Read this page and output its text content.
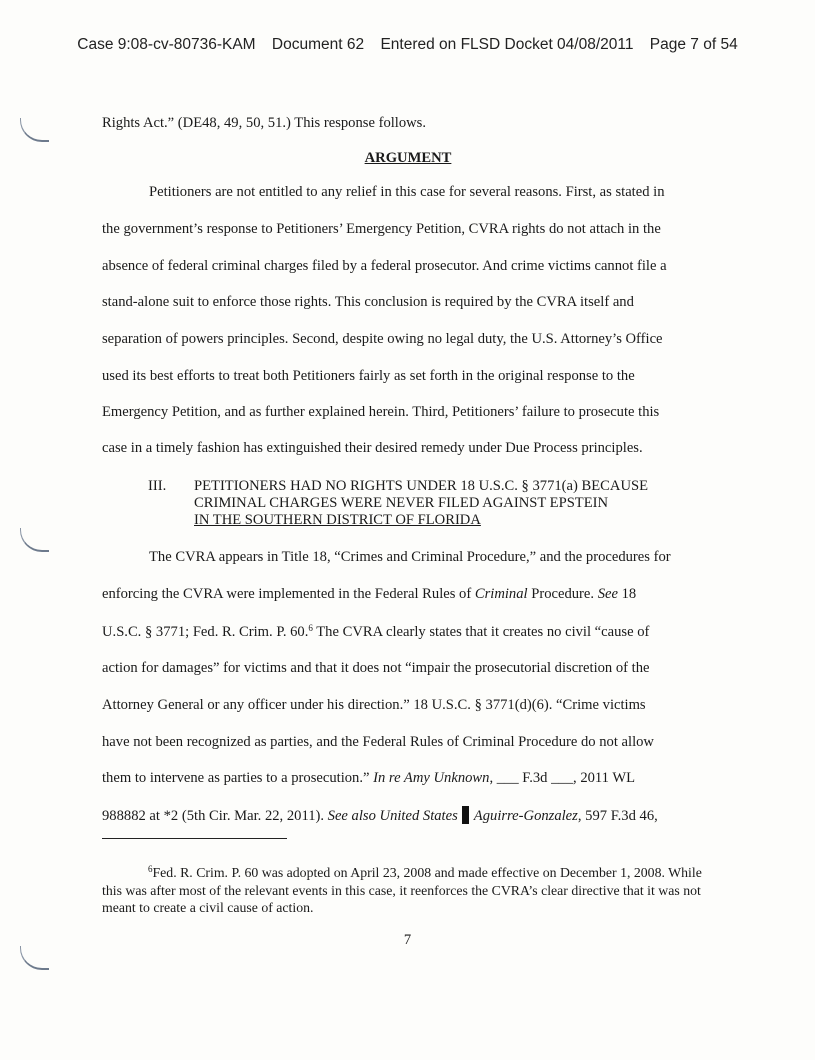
Case 9:08-cv-80736-KAM Document 62 Entered on FLSD Docket 04/08/2011 Page 7 of 54
Rights Act.” (DE48, 49, 50, 51.) This response follows.
ARGUMENT
Petitioners are not entitled to any relief in this case for several reasons. First, as stated in
the government’s response to Petitioners’ Emergency Petition, CVRA rights do not attach in the
absence of federal criminal charges filed by a federal prosecutor. And crime victims cannot file a
stand-alone suit to enforce those rights. This conclusion is required by the CVRA itself and
separation of powers principles. Second, despite owing no legal duty, the U.S. Attorney’s Office
used its best efforts to treat both Petitioners fairly as set forth in the original response to the
Emergency Petition, and as further explained herein. Third, Petitioners’ failure to prosecute this
case in a timely fashion has extinguished their desired remedy under Due Process principles.
The CVRA appears in Title 18, “Crimes and Criminal Procedure,” and the procedures for
enforcing the CVRA were implemented in the Federal Rules of Criminal Procedure. See 18
U.S.C. § 3771; Fed. R. Crim. P. 60.$^6$ The CVRA clearly states that it creates no civil “cause of
action for damages” for victims and that it does not “impair the prosecutorial discretion of the
Attorney General or any officer under his direction.” 18 U.S.C. § 3771(d)(6). “Crime victims
have not been recognized as parties, and the Federal Rules of Criminal Procedure do not allow
them to intervene as parties to a prosecution.” In re Amy Unknown, ___ F.3d ___, 2011 WL
988882 at *2 (5th Cir. Mar. 22, 2011). See also United States  Aguirre-Gonzalez, 597 F.3d 46,
III. PETITIONERS HAD NO RIGHTS UNDER 18 U.S.C. § 3771(a) BECAUSE
CRIMINAL CHARGES WERE NEVER FILED AGAINST EPSTEIN
IN THE SOUTHERN DISTRICT OF FLORIDA
$^6$Fed. R. Crim. P. 60 was adopted on April 23, 2008 and made effective on December 1, 2008. While this was after most of the relevant events in this case, it reenforces the CVRA’s clear directive that it was not meant to create a civil cause of action.
7
